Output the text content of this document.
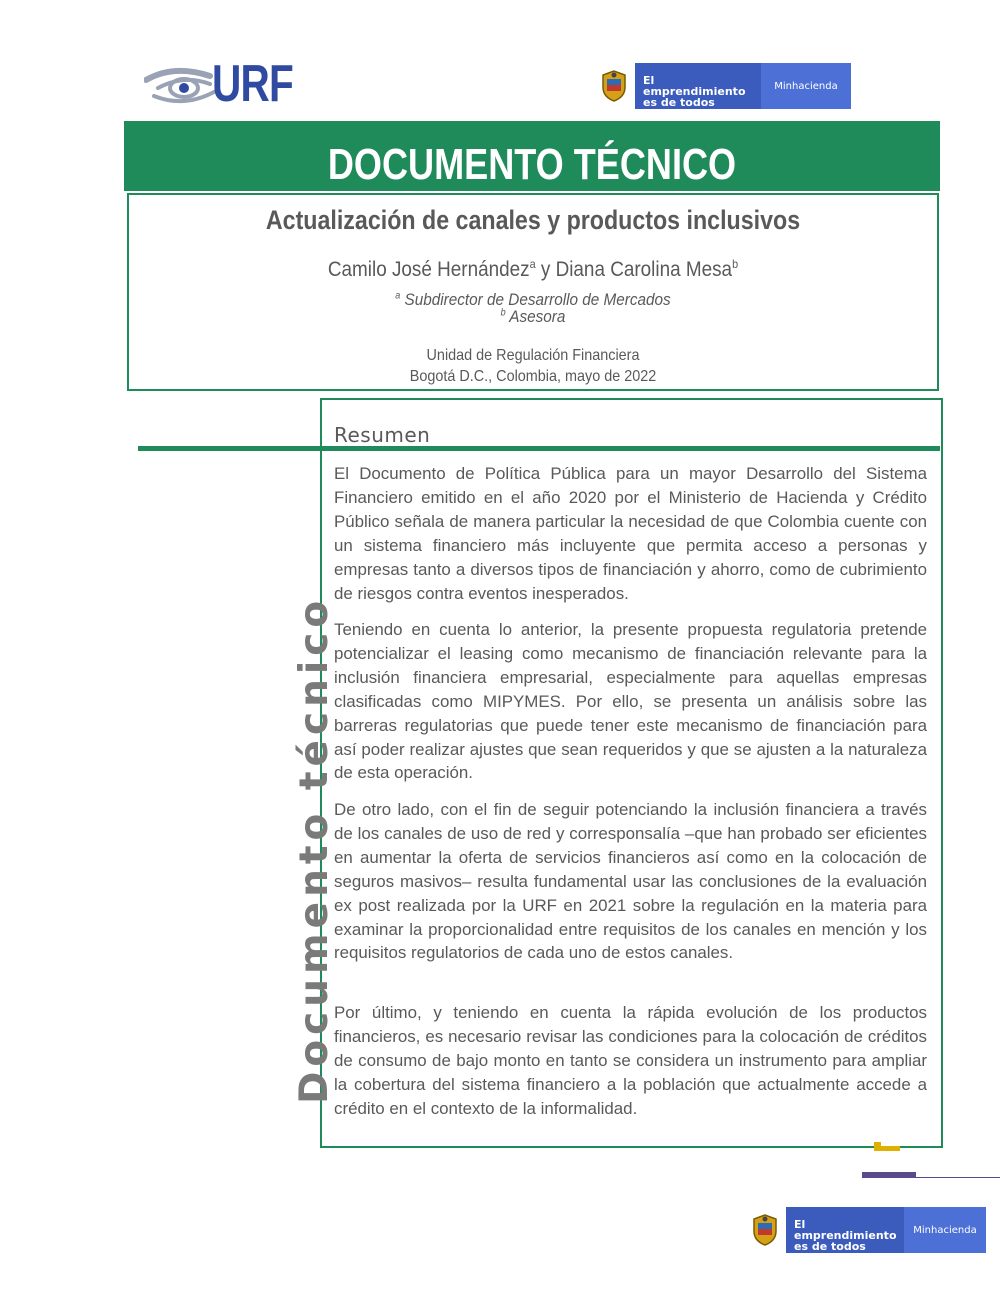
URF	El emprendimiento
es de todos
Minhacienda
DOCUMENTO TÉCNICO
Actualización de canales y productos inclusivos
Camilo José Hernández$^a$ y Diana Carolina Mesa$^b$
$^a$ Subdirector de Desarrollo de Mercados
$^b$ Asesora
Unidad de Regulación Financiera
Bogotá D.C., Colombia, mayo de 2022
Resumen

El Documento de Política Pública para un mayor Desarrollo del Sistema Financiero emitido en el año 2020 por el Ministerio de Hacienda y Crédito Público señala de manera particular la necesidad de que Colombia cuente con un sistema financiero más incluyente que permita acceso a personas y empresas tanto a diversos tipos de financiación y ahorro, como de cubrimiento de riesgos contra eventos inesperados.

Teniendo en cuenta lo anterior, la presente propuesta regulatoria pretende potencializar el leasing como mecanismo de financiación relevante para la inclusión financiera empresarial, especialmente para aquellas empresas clasificadas como MIPYMES. Por ello, se presenta un análisis sobre las barreras regulatorias que puede tener este mecanismo de financiación para así poder realizar ajustes que sean requeridos y que se ajusten a la naturaleza de esta operación.

De otro lado, con el fin de seguir potenciando la inclusión financiera a través de los canales de uso de red y corresponsalía –que han probado ser eficientes en aumentar la oferta de servicios financieros así como en la colocación de seguros masivos– resulta fundamental usar las conclusiones de la evaluación ex post realizada por la URF en 2021 sobre la regulación en la materia para examinar la proporcionalidad entre requisitos de los canales en mención y los requisitos regulatorios de cada uno de estos canales.

Por último, y teniendo en cuenta la rápida evolución de los productos financieros, es necesario revisar las condiciones para la colocación de créditos de consumo de bajo monto en tanto se considera un instrumento para ampliar la cobertura del sistema financiero a la población que actualmente accede a crédito en el contexto de la informalidad.

Documento técnico
El emprendimiento
es de todos
Minhacienda
